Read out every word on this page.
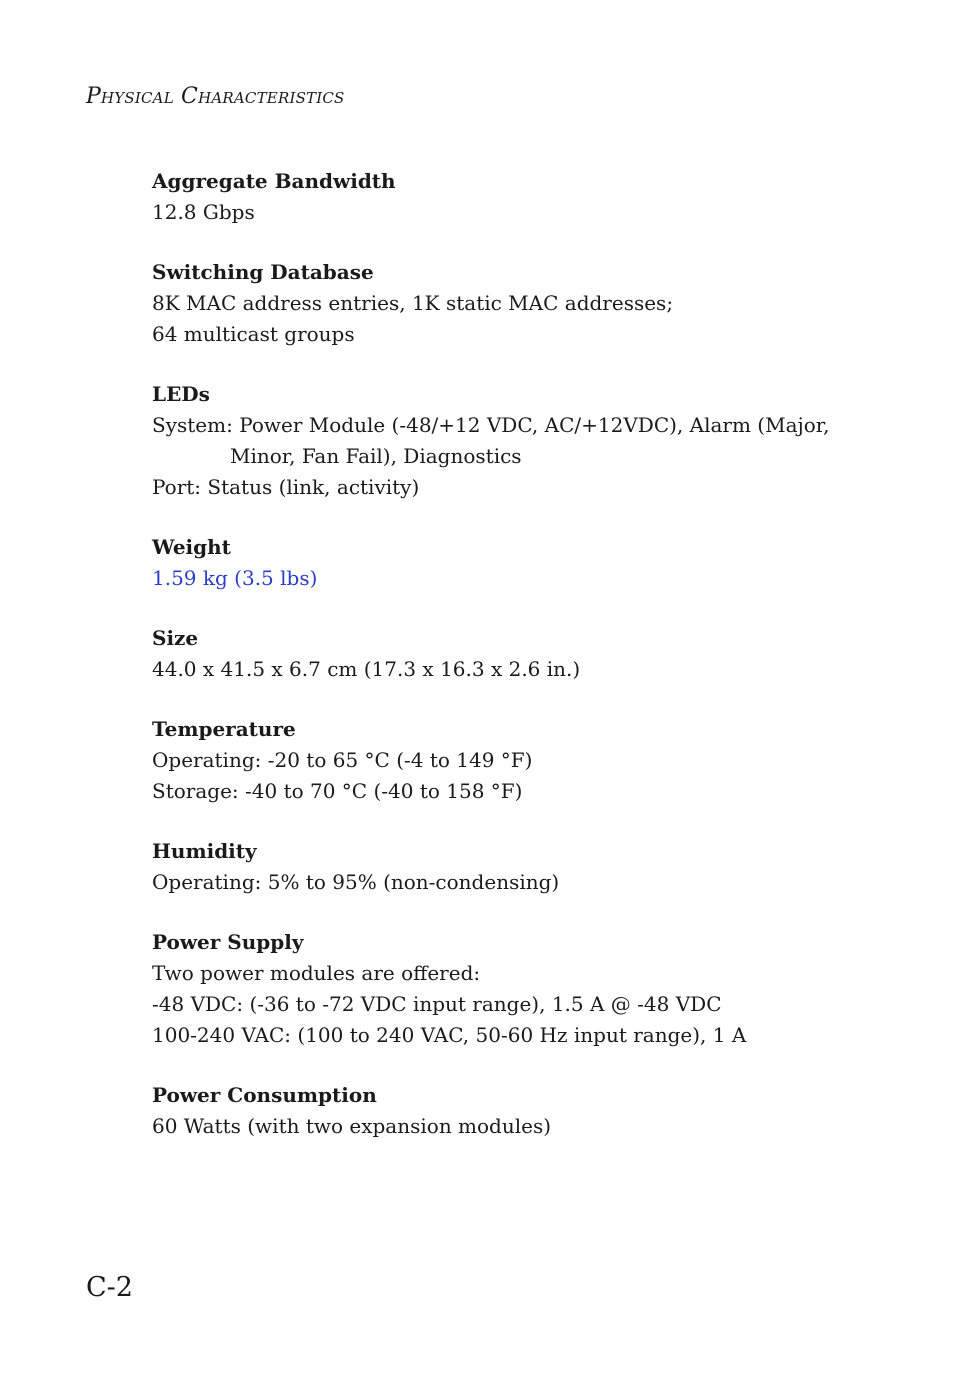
Physical Characteristics

Aggregate Bandwidth

12.8 Gbps

Switching Database

8K MAC address entries, 1K static MAC addresses;

64 multicast groups

LEDs

System: Power Module (-48/+12 VDC, AC/+12VDC), Alarm (Major,

Minor, Fan Fail), Diagnostics

Port: Status (link, activity)

Weight

1.59 kg (3.5 lbs)

Size

44.0 x 41.5 x 6.7 cm (17.3 x 16.3 x 2.6 in.)

Temperature

Operating: -20 to 65 °C (-4 to 149 °F)

Storage: -40 to 70 °C (-40 to 158 °F)

Humidity

Operating: 5% to 95% (non-condensing)

Power Supply

Two power modules are offered:

-48 VDC: (-36 to -72 VDC input range), 1.5 A @ -48 VDC

100-240 VAC: (100 to 240 VAC, 50-60 Hz input range), 1 A

Power Consumption

60 Watts (with two expansion modules)

C-2
